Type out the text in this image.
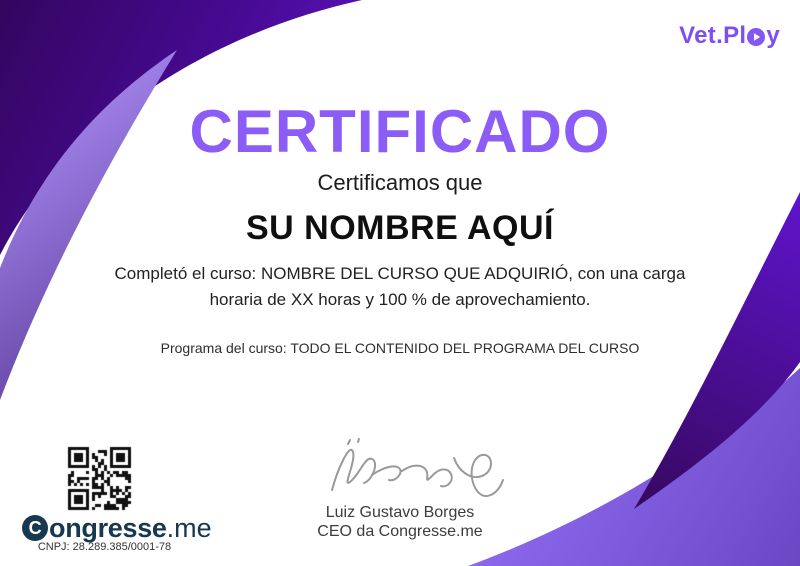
Vet.Pl y
CERTIFICADO
Certificamos que
SU NOMBRE AQUÍ
Completó el curso: NOMBRE DEL CURSO QUE ADQUIRIÓ, con una carga horaria de XX horas y 100 % de aprovechamiento.
Programa del curso: TODO EL CONTENIDO DEL PROGRAMA DEL CURSO
Luiz Gustavo Borges
CEO da Congresse.me
C ongresse .me
CNPJ: 28.289.385/0001-78
